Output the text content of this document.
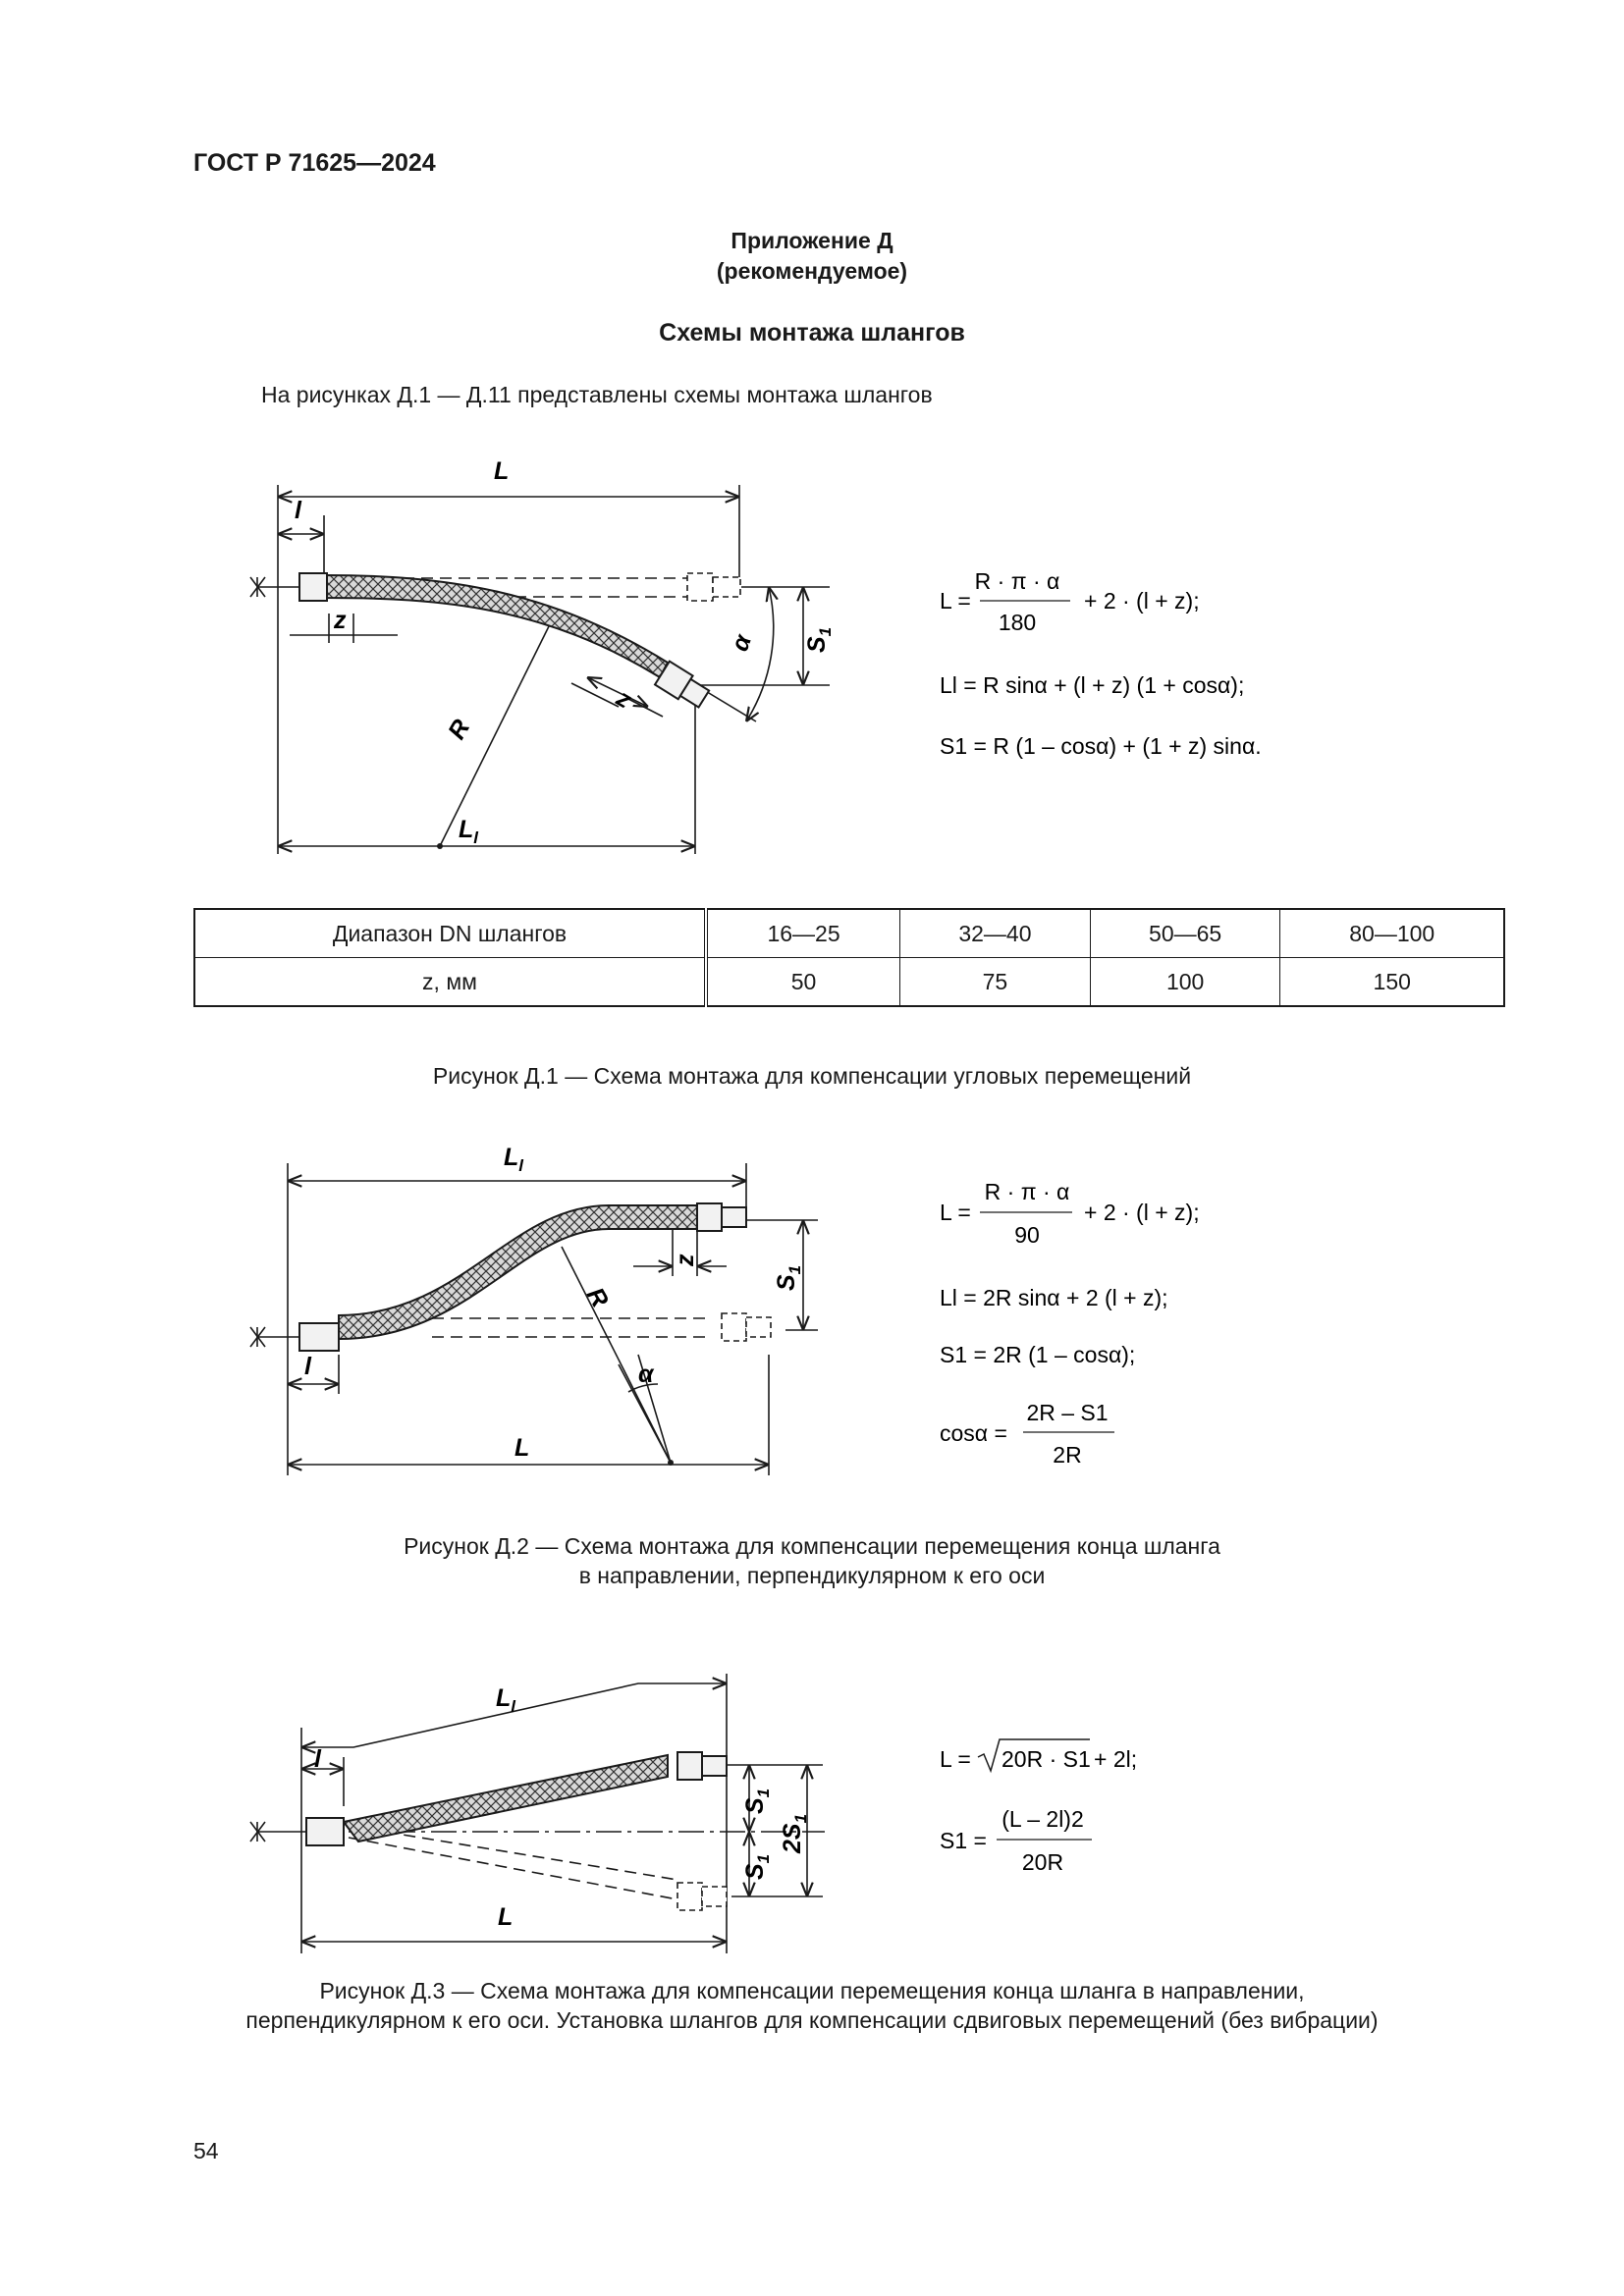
ГОСТ Р 71625—2024
Приложение Д
(рекомендуемое)
Схемы монтажа шлангов
На рисунках Д.1 — Д.11 представлены схемы монтажа шлангов
L
l
z
z
α
R
$S_1$
$L_l$
L =
R · π · α
180
+ 2 · (l + z);
Ll = R sinα + (l + z) (1 + cosα);
S1 = R (1 – cosα) + (1 + z) sinα.
Диапазон DN шлангов	16—25	32—40	50—65	80—100
z, мм	50	75	100	150
Рисунок Д.1 — Схема монтажа для компенсации угловых перемещений
$L_l$
z
$S_1$
R
α
l
L
L =
R · π · α
90
+ 2 · (l + z);
Ll = 2R sinα + 2 (l + z);
S1 = 2R (1 – cosα);
cosα =
2R – S1
2R
Рисунок Д.2 — Схема монтажа для компенсации перемещения конца шланга
в направлении, перпендикулярном к его оси
$L_l$
l
$S_1$
$S_1$
$2S_1$
L
L = 20R · S1 + 2l;
S1 =
(L – 2l)2
20R
Рисунок Д.3 — Схема монтажа для компенсации перемещения конца шланга в направлении,
перпендикулярном к его оси. Установка шлангов для компенсации сдвиговых перемещений (без вибрации)
54
